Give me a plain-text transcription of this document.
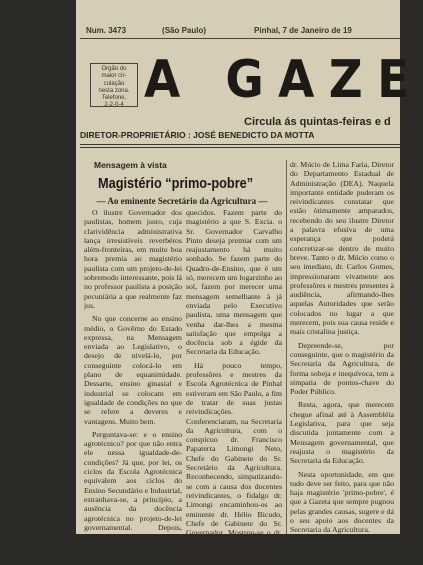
Num. 3473	(São Paulo)	Pinhal, 7 de Janeiro de 19
Orgão do
maior cir-
culação
nesta zona.
Telefone,
2-2-0-4 A GAZE
Circula ás quintas-feiras e d
DIRETOR-PROPRIETÁRIO : JOSÉ BENEDICTO DA MOTTA
Mensagem à vista
Magistério “primo-pobre”
— Ao eminente Secretário da Agricultura —

O ilustre Governador dos paulistas, homem justo, cuja clarividência administrativa lança irresistíveis reverbéros além-fronteiras, em muito boa hora premia ao magistério paulista com um projeto-de-lei sobremodo interessante, pois lá no professor paulista a posição pecuniária a que realmente faz jus.

No que concerne ao ensino médio, o Govêrno do Estado expressa, na Mensagem enviada ao Legislativo, o desejo de nivelá-lo, por conseguinte colocá-lo em plano de equanimidade. Dessarte, ensino ginasial e industrial se colocam em igualdade de condições no que se refere a deveres e vantagens. Muito bem.

Perguntava-se: e o ensino agrotécnico? por que não entra ele nessa igualdade-de-condições? Já que, por lei, os ciclos da Escola Agrotécnica equivalem aos ciclos do Ensino Secundário e Industrial, estranhava-se, a princípio, a ausência da docência agrotécnica no projeto-de-lei governamental. Depois, entretanto, tudo se esclareceu.

quecidos. Fazem parte do magistério a que S. Excia. o Sr. Governador Carvalho Pinto deseja premiar com um reajustamento há muito sonhado. Se fazem parte do Quadro-de-Ensino, que é um só, merecem um logarzinho ao sol, fazem por merecer uma mensagem semelhante à já enviada pelo Executivo paulista, uma mensagem que venha dar-lhes a mesma satisfação que empolga a docência sob a égide da Secretaria da Educação.

Há pouco tempo, professôres e mestres da Escola Agrotécnica de Pinhal estiveram em São Paulo, a fim de tratar de suas justas reivindicações. Conferenciaram, na Secretaria da Agricultura, com o conspícuo dr. Francisco Papaterra Limongi Neto, Chefe do Gabinete do Sr. Secretário da Agricultura. Reconhecendo, simpatizando-se com a causa dos docentes reivindicantes, o fidalgo dr. Limongi encaminhou-os ao eminente dr. Hélio Bicudo, Chefe de Gabinete do Sr. Governador. Mostrou-se o dr. Bicudo vivamente interessado pela situação dos docentes da Secretaria da Agricultura

dr. Múcio de Lima Faria, Diretor do Departamento Estadual de Administração (DEA). Naquela importante entidade puderam os reivindicantes constatar que estão òtimamente amparados, recebendo do seu ilustre Diretor a palavra efusiva de uma esperança que poderá concretizar-se dentro de muito breve. Tanto o dr. Múcio como o seu imediato, dr. Carlos Gomes, impressionaram vivamente aos professôres e mestres presentes à audiência, afirmando-lhes aquelas Autoridades que serão colocados no lugar a que merecem, pois sua causa reside e mais cristalina justiça.

Depreende-se, por conseguinte, que o magistério da Secretaria da Agricultura, de forma sobeja e inequívoca, tem a simpatia de pontos-chave do Poder Público.

Resta, agora, que merecem chegue afinal até à Assembléia Legislativa, para que seja discutida juntamente com a Mensagem governamental, que reajusta o magistério da Secretaria da Educação.

Nesta oportunidade, em que tudo deve ser feito, para que não haja magistério 'primo-pobre', é que a Gazeta que sempre pugnou pelas grandes causas, sugere e dá o seu apoio aos docentes da Secretaria da Agricultura.
